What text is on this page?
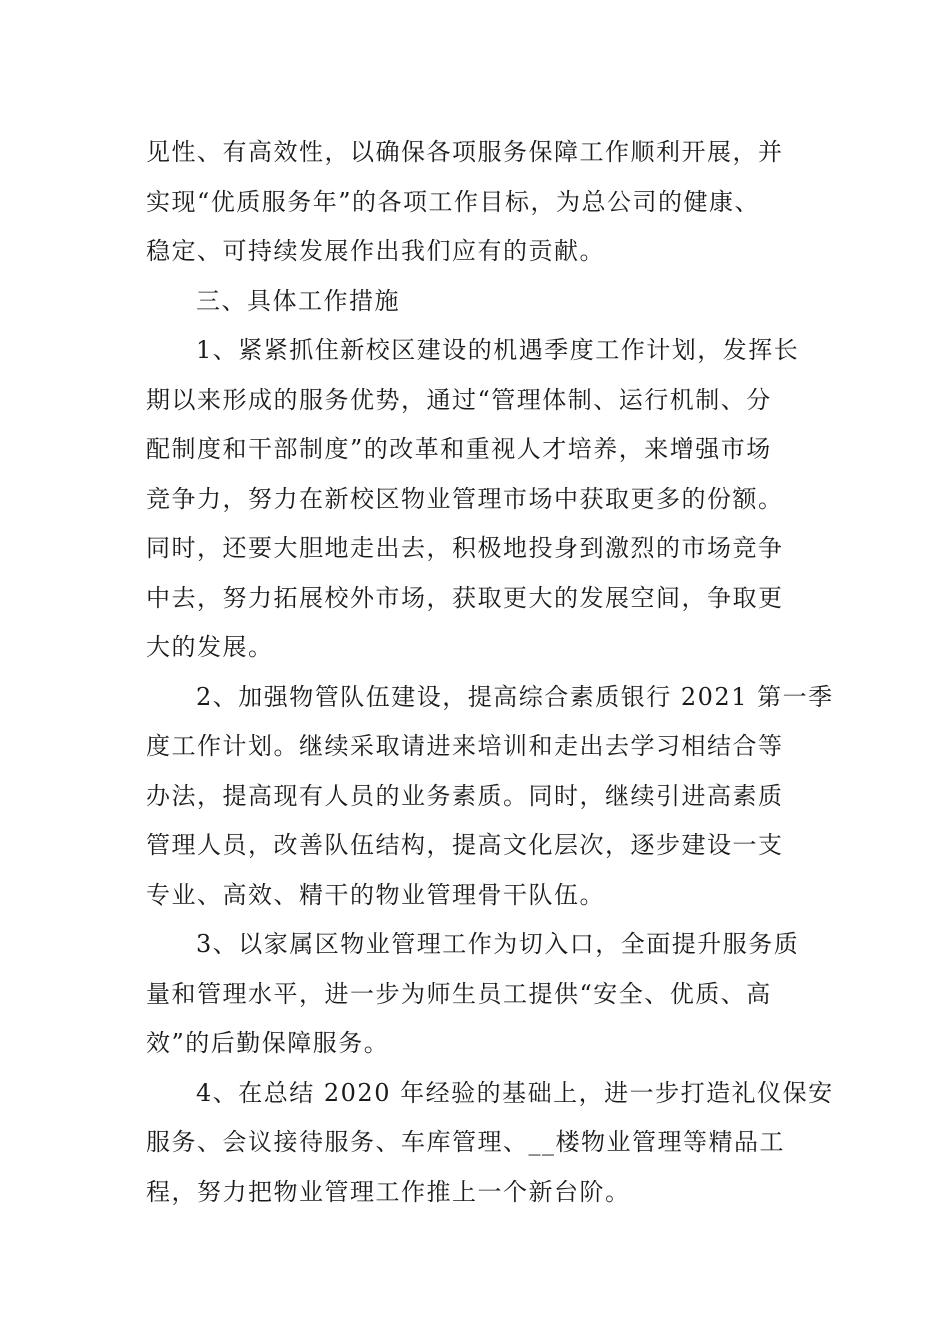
见性、有高效性，以确保各项服务保障工作顺利开展，并
实现“优质服务年”的各项工作目标，为总公司的健康、
稳定、可持续发展作出我们应有的贡献。
三、具体工作措施
1、紧紧抓住新校区建设的机遇季度工作计划，发挥长
期以来形成的服务优势，通过“管理体制、运行机制、分
配制度和干部制度”的改革和重视人才培养，来增强市场
竞争力，努力在新校区物业管理市场中获取更多的份额。
同时，还要大胆地走出去，积极地投身到激烈的市场竞争
中去，努力拓展校外市场，获取更大的发展空间，争取更
大的发展。
2、加强物管队伍建设，提高综合素质银行 2021 第一季
度工作计划。继续采取请进来培训和走出去学习相结合等
办法，提高现有人员的业务素质。同时，继续引进高素质
管理人员，改善队伍结构，提高文化层次，逐步建设一支
专业、高效、精干的物业管理骨干队伍。
3、以家属区物业管理工作为切入口，全面提升服务质
量和管理水平，进一步为师生员工提供“安全、优质、高
效”的后勤保障服务。
4、在总结 2020 年经验的基础上，进一步打造礼仪保安
服务、会议接待服务、车库管理、__楼物业管理等精品工
程，努力把物业管理工作推上一个新台阶。
